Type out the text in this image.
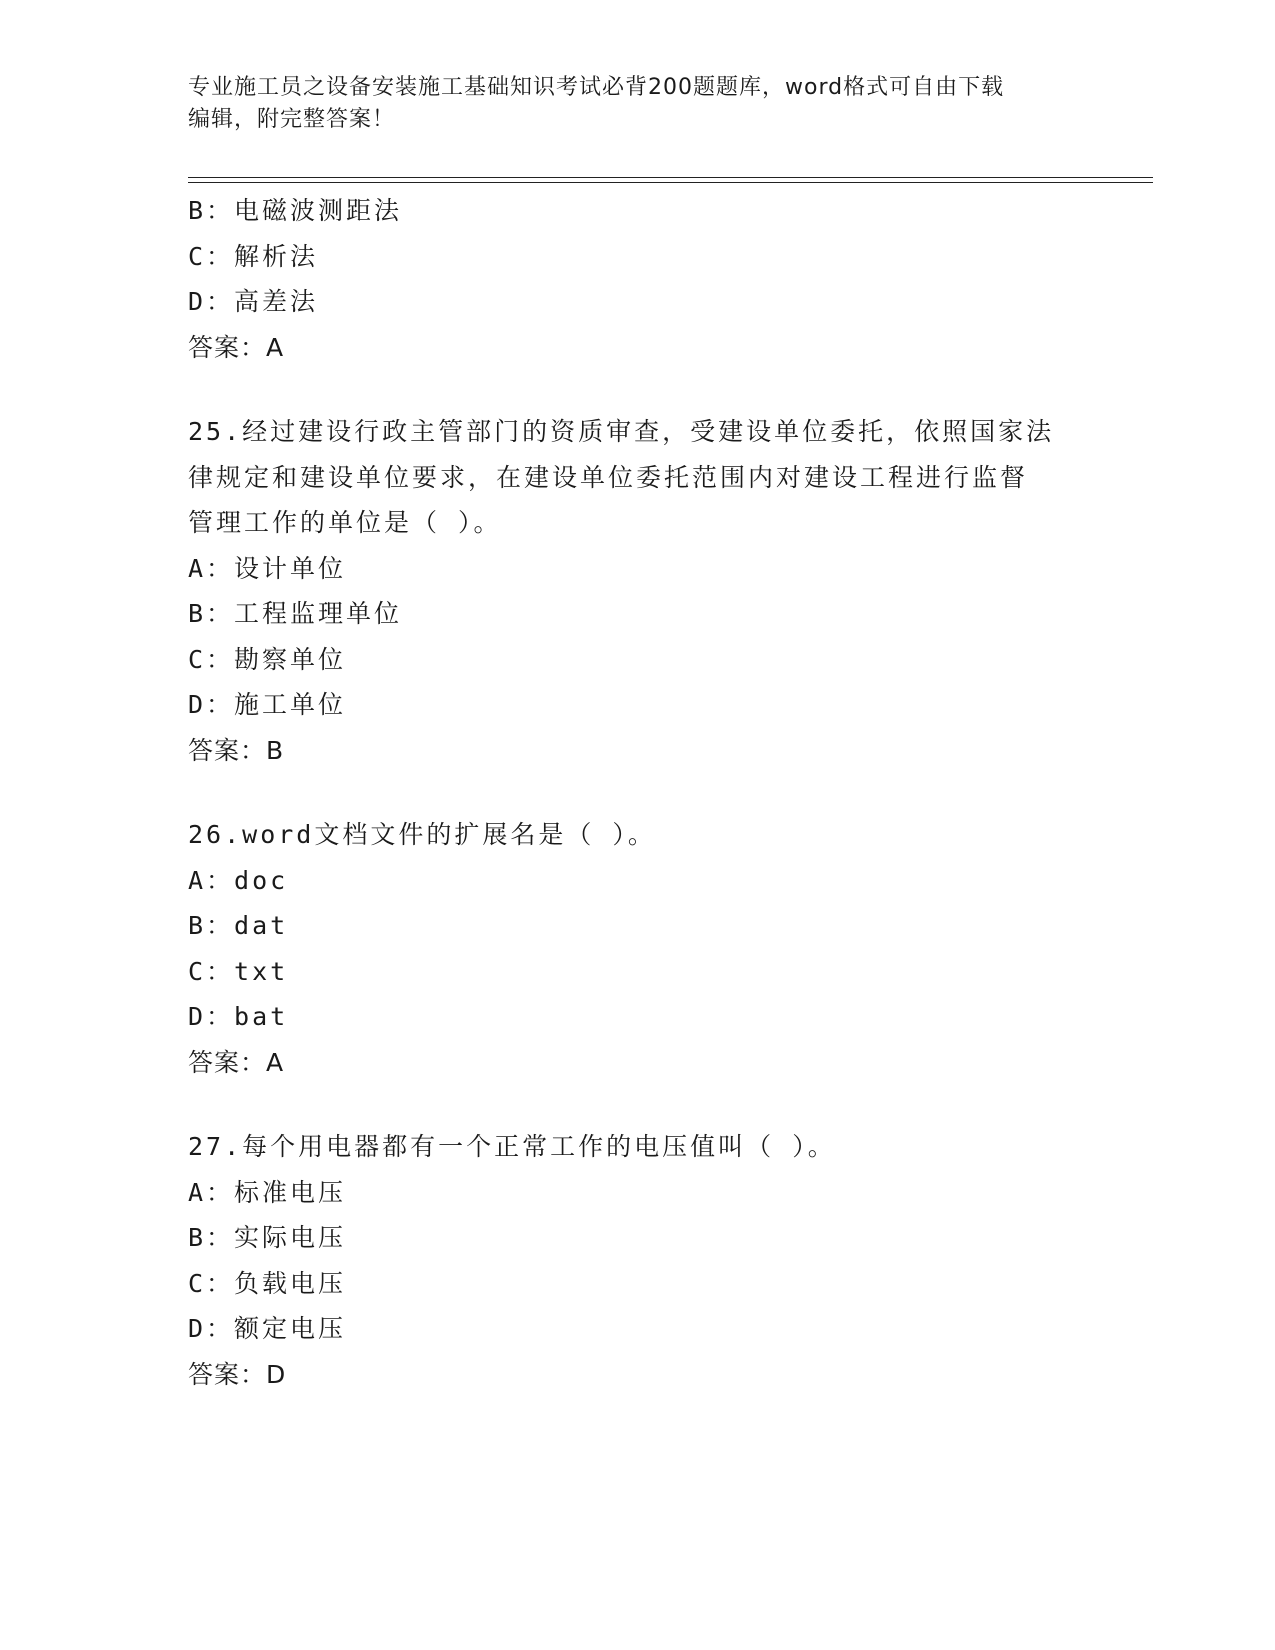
专业施工员之设备安装施工基础知识考试必背200题题库，word格式可自由下载
编辑，附完整答案！
B：电磁波测距法
C：解析法
D：高差法
答案：A
25.经过建设行政主管部门的资质审查，受建设单位委托，依照国家法
律规定和建设单位要求，在建设单位委托范围内对建设工程进行监督
管理工作的单位是（ ）。
A：设计单位
B：工程监理单位
C：勘察单位
D：施工单位
答案：B
26.word文档文件的扩展名是（ ）。
A：doc
B：dat
C：txt
D：bat
答案：A
27.每个用电器都有一个正常工作的电压值叫（ ）。
A：标准电压
B：实际电压
C：负载电压
D：额定电压
答案：D
